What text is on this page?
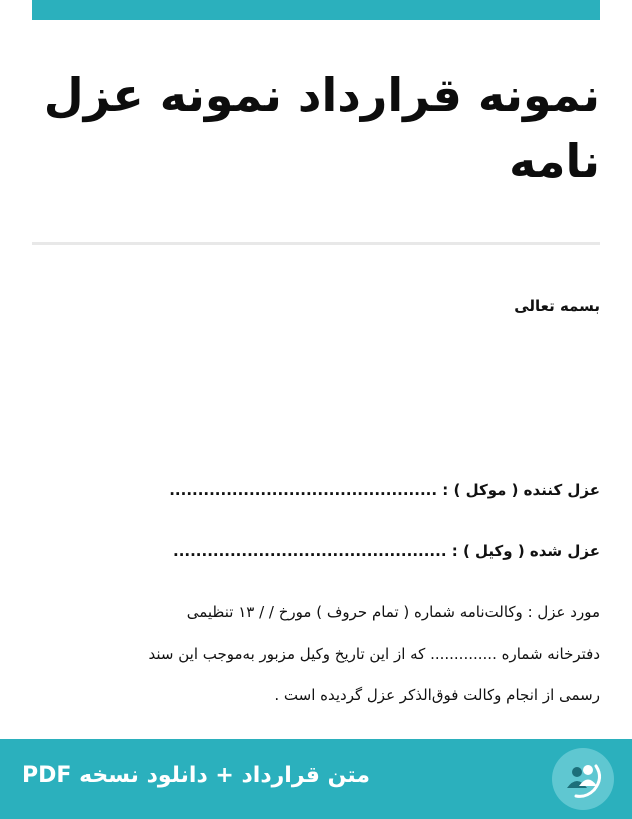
نمونه قرارداد نمونه عزل نامه
بسمه تعالی
عزل کننده ( موکل ) : ...............................................
عزل شده ( وکیل ) : ................................................
مورد عزل : وکالت‌نامه شماره ( تمام حروف ) مورخ / / ۱۳ تنظیمی
دفترخانه شماره .............. که از این تاریخ وکیل مزبور به‌موجب این سند
رسمی از انجام وکالت فوق‌الذکر عزل گردیده است .
متن قرارداد + دانلود نسخه PDF
